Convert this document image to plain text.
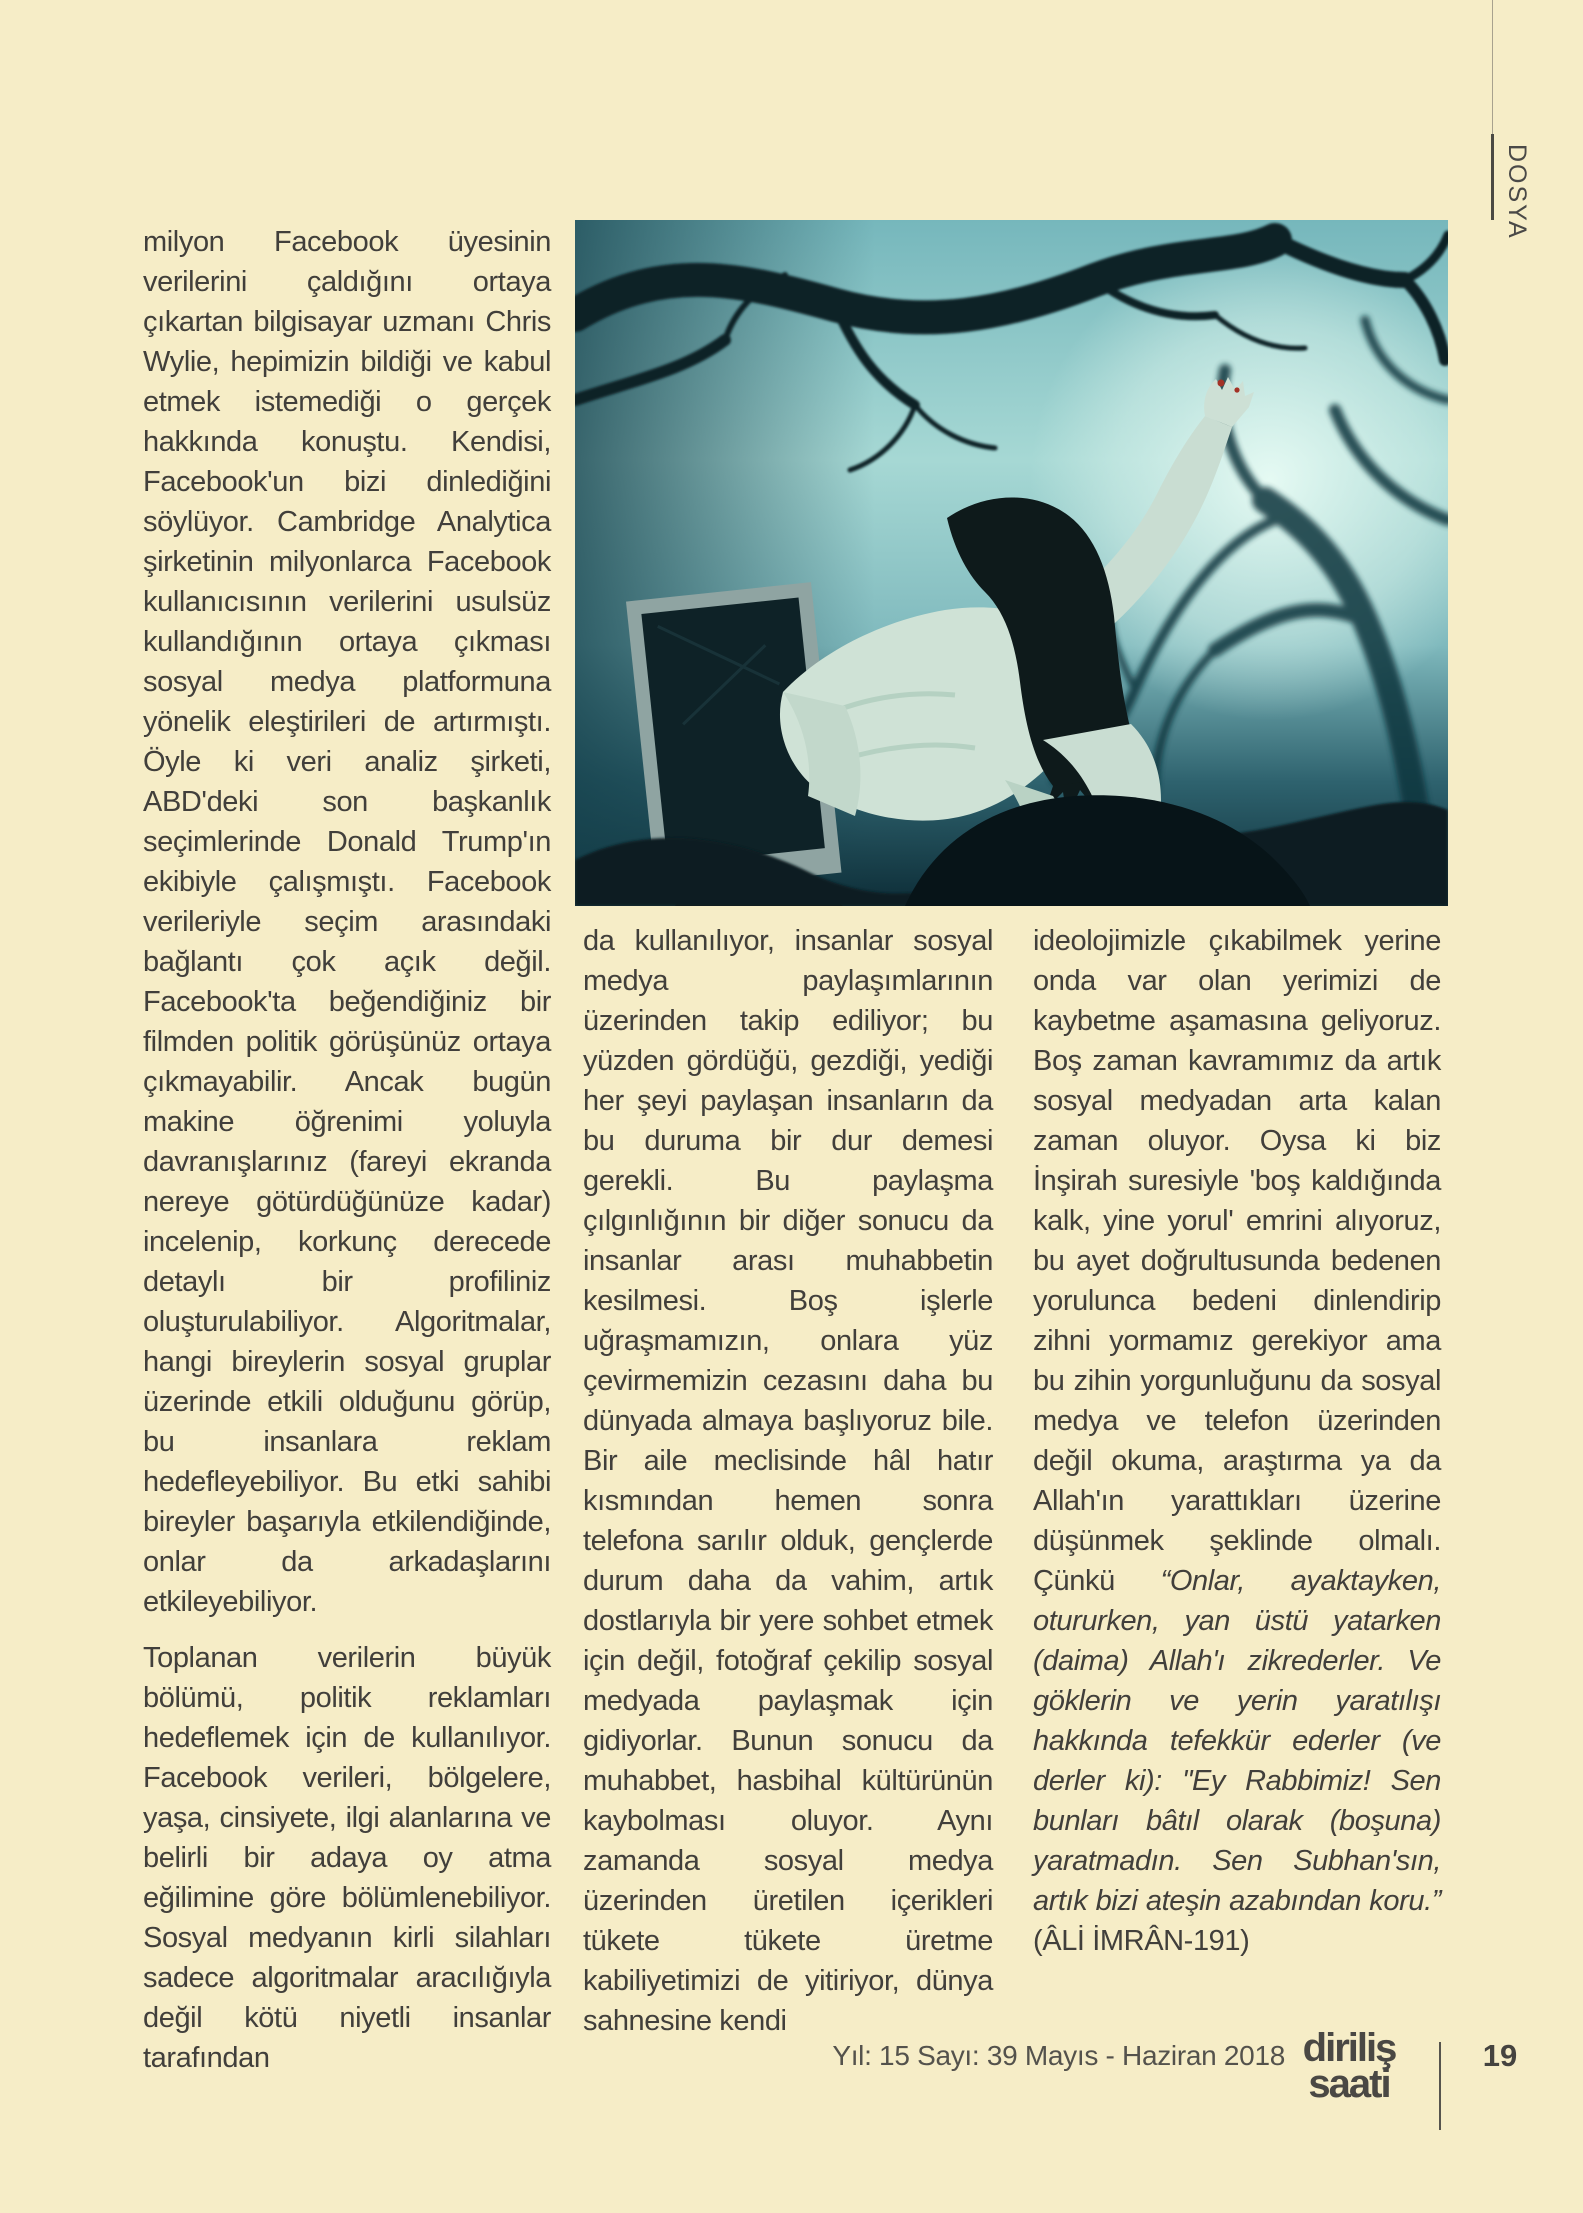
DOSYA

milyon Facebook üyesinin verilerini çaldığını ortaya çıkartan bilgisayar uzmanı Chris Wylie, hepimizin bildiği ve kabul etmek istemediği o gerçek hakkında konuştu. Kendisi, Facebook'un bizi dinlediğini söylüyor. Cambridge Analytica şirketinin milyonlarca Facebook kullanıcısının verilerini usulsüz kullandığının ortaya çıkması sosyal medya platformuna yönelik eleştirileri de artırmıştı. Öyle ki veri analiz şirketi, ABD'deki son başkanlık seçimlerinde Donald Trump'ın ekibiyle çalışmıştı. Facebook verileriyle seçim arasındaki bağlantı çok açık değil. Facebook'ta beğendiğiniz bir filmden politik görüşünüz ortaya çıkmayabilir. Ancak bugün makine öğrenimi yoluyla davranışlarınız (fareyi ekranda nereye götürdüğünüze kadar) incelenip, korkunç derecede detaylı bir profiliniz oluşturulabiliyor. Algoritmalar, hangi bireylerin sosyal gruplar üzerinde etkili olduğunu görüp, bu insanlara reklam hedefleyebiliyor. Bu etki sahibi bireyler başarıyla etkilendiğinde, onlar da arkadaşlarını etkileyebiliyor.

Toplanan verilerin büyük bölümü, politik reklamları hedeflemek için de kullanılıyor. Facebook verileri, bölgelere, yaşa, cinsiyete, ilgi alanlarına ve belirli bir adaya oy atma eğilimine göre bölümlenebiliyor. Sosyal medyanın kirli silahları sadece algoritmalar aracılığıyla değil kötü niyetli insanlar tarafından

da kullanılıyor, insanlar sosyal medya paylaşımlarının üzerinden takip ediliyor; bu yüzden gördüğü, gezdiği, yediği her şeyi paylaşan insanların da bu duruma bir dur demesi gerekli. Bu paylaşma çılgınlığının bir diğer sonucu da insanlar arası muhabbetin kesilmesi. Boş işlerle uğraşmamızın, onlara yüz çevirmemizin cezasını daha bu dünyada almaya başlıyoruz bile. Bir aile meclisinde hâl hatır kısmından hemen sonra telefona sarılır olduk, gençlerde durum daha da vahim, artık dostlarıyla bir yere sohbet etmek için değil, fotoğraf çekilip sosyal medyada paylaşmak için gidiyorlar. Bunun sonucu da muhabbet, hasbihal kültürünün kaybolması oluyor. Aynı zamanda sosyal medya üzerinden üretilen içerikleri tükete tükete üretme kabiliyetimizi de yitiriyor, dünya sahnesine kendi

ideolojimizle çıkabilmek yerine onda var olan yerimizi de kaybetme aşamasına geliyoruz. Boş zaman kavramımız da artık sosyal medyadan arta kalan zaman oluyor. Oysa ki biz İnşirah suresiyle 'boş kaldığında kalk, yine yorul' emrini alıyoruz, bu ayet doğrultusunda bedenen yorulunca bedeni dinlendirip zihni yormamız gerekiyor ama bu zihin yorgunluğunu da sosyal medya ve telefon üzerinden değil okuma, araştırma ya da Allah'ın yarattıkları üzerine düşünmek şeklinde olmalı. Çünkü “Onlar, ayaktayken, otururken, yan üstü yatarken (daima) Allah'ı zikrederler. Ve göklerin ve yerin yaratılışı hakkında tefekkür ederler (ve derler ki): "Ey Rabbimiz! Sen bunları bâtıl olarak (boşuna) yaratmadın. Sen Subhan'sın, artık bizi ateşin azabından koru.” (ÂLİ İMRÂN-191)

Yıl: 15 Sayı: 39 Mayıs - Haziran 2018 diriliş
saati
19
